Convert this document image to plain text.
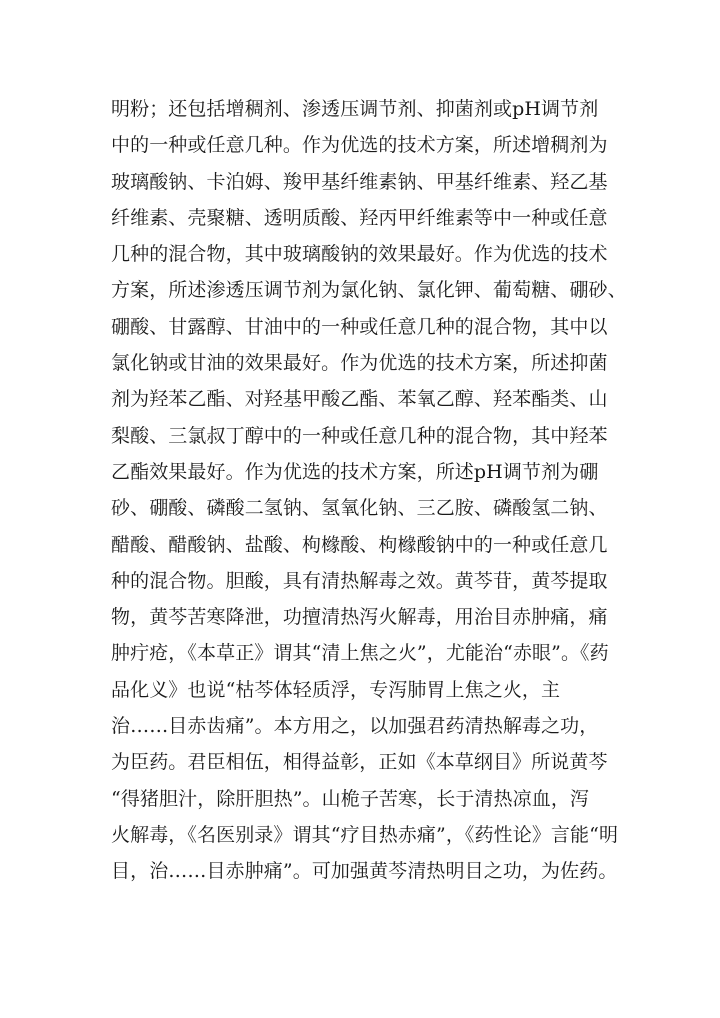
明粉；还包括增稠剂、渗透压调节剂、抑菌剂或pH调节剂
中的一种或任意几种。作为优选的技术方案，所述增稠剂为
玻璃酸钠、卡泊姆、羧甲基纤维素钠、甲基纤维素、羟乙基
纤维素、壳聚糖、透明质酸、羟丙甲纤维素等中一种或任意
几种的混合物，其中玻璃酸钠的效果最好。作为优选的技术
方案，所述渗透压调节剂为氯化钠、氯化钾、葡萄糖、硼砂、
硼酸、甘露醇、甘油中的一种或任意几种的混合物，其中以
氯化钠或甘油的效果最好。作为优选的技术方案，所述抑菌
剂为羟苯乙酯、对羟基甲酸乙酯、苯氧乙醇、羟苯酯类、山
梨酸、三氯叔丁醇中的一种或任意几种的混合物，其中羟苯
乙酯效果最好。作为优选的技术方案，所述pH调节剂为硼
砂、硼酸、磷酸二氢钠、氢氧化钠、三乙胺、磷酸氢二钠、
醋酸、醋酸钠、盐酸、枸橼酸、枸橼酸钠中的一种或任意几
种的混合物。胆酸，具有清热解毒之效。黄芩苷，黄芩提取
物，黄芩苦寒降泄，功擅清热泻火解毒，用治目赤肿痛，痛
肿疔疮，《本草正》谓其“清上焦之火”，尤能治“赤眼”。《药
品化义》也说“枯芩体轻质浮，专泻肺胃上焦之火，主
治……目赤齿痛”。本方用之，以加强君药清热解毒之功，
为臣药。君臣相伍，相得益彰，正如《本草纲目》所说黄芩
“得猪胆汁，除肝胆热”。山桅子苦寒，长于清热凉血，泻
火解毒，《名医别录》谓其“疗目热赤痛”，《药性论》言能“明
目，治……目赤肿痛”。可加强黄芩清热明目之功，为佐药。
